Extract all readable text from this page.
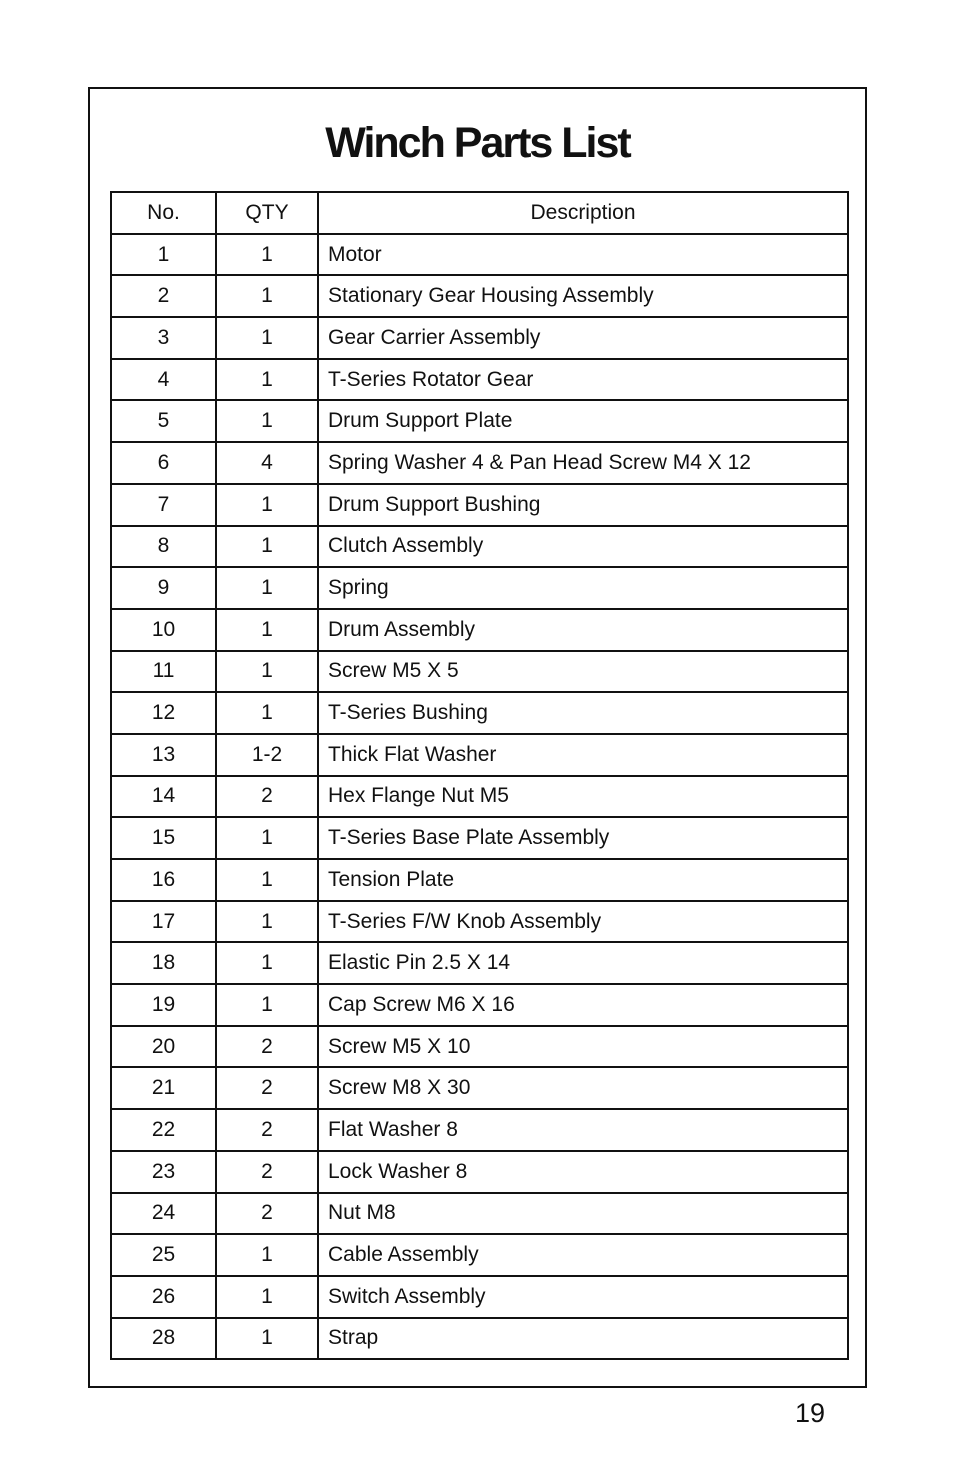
Winch Parts List
No.	QTY	Description
1	1	Motor
2	1	Stationary Gear Housing Assembly
3	1	Gear Carrier Assembly
4	1	T-Series Rotator Gear
5	1	Drum Support Plate
6	4	Spring Washer 4 & Pan Head Screw M4 X 12
7	1	Drum Support Bushing
8	1	Clutch Assembly
9	1	Spring
10	1	Drum Assembly
11	1	Screw M5 X 5
12	1	T-Series Bushing
13	1-2	Thick Flat Washer
14	2	Hex Flange Nut M5
15	1	T-Series Base Plate Assembly
16	1	Tension Plate
17	1	T-Series F/W Knob Assembly
18	1	Elastic Pin 2.5 X 14
19	1	Cap Screw M6 X 16
20	2	Screw M5 X 10
21	2	Screw M8 X 30
22	2	Flat Washer 8
23	2	Lock Washer 8
24	2	Nut M8
25	1	Cable Assembly
26	1	Switch Assembly
28	1	Strap
19
